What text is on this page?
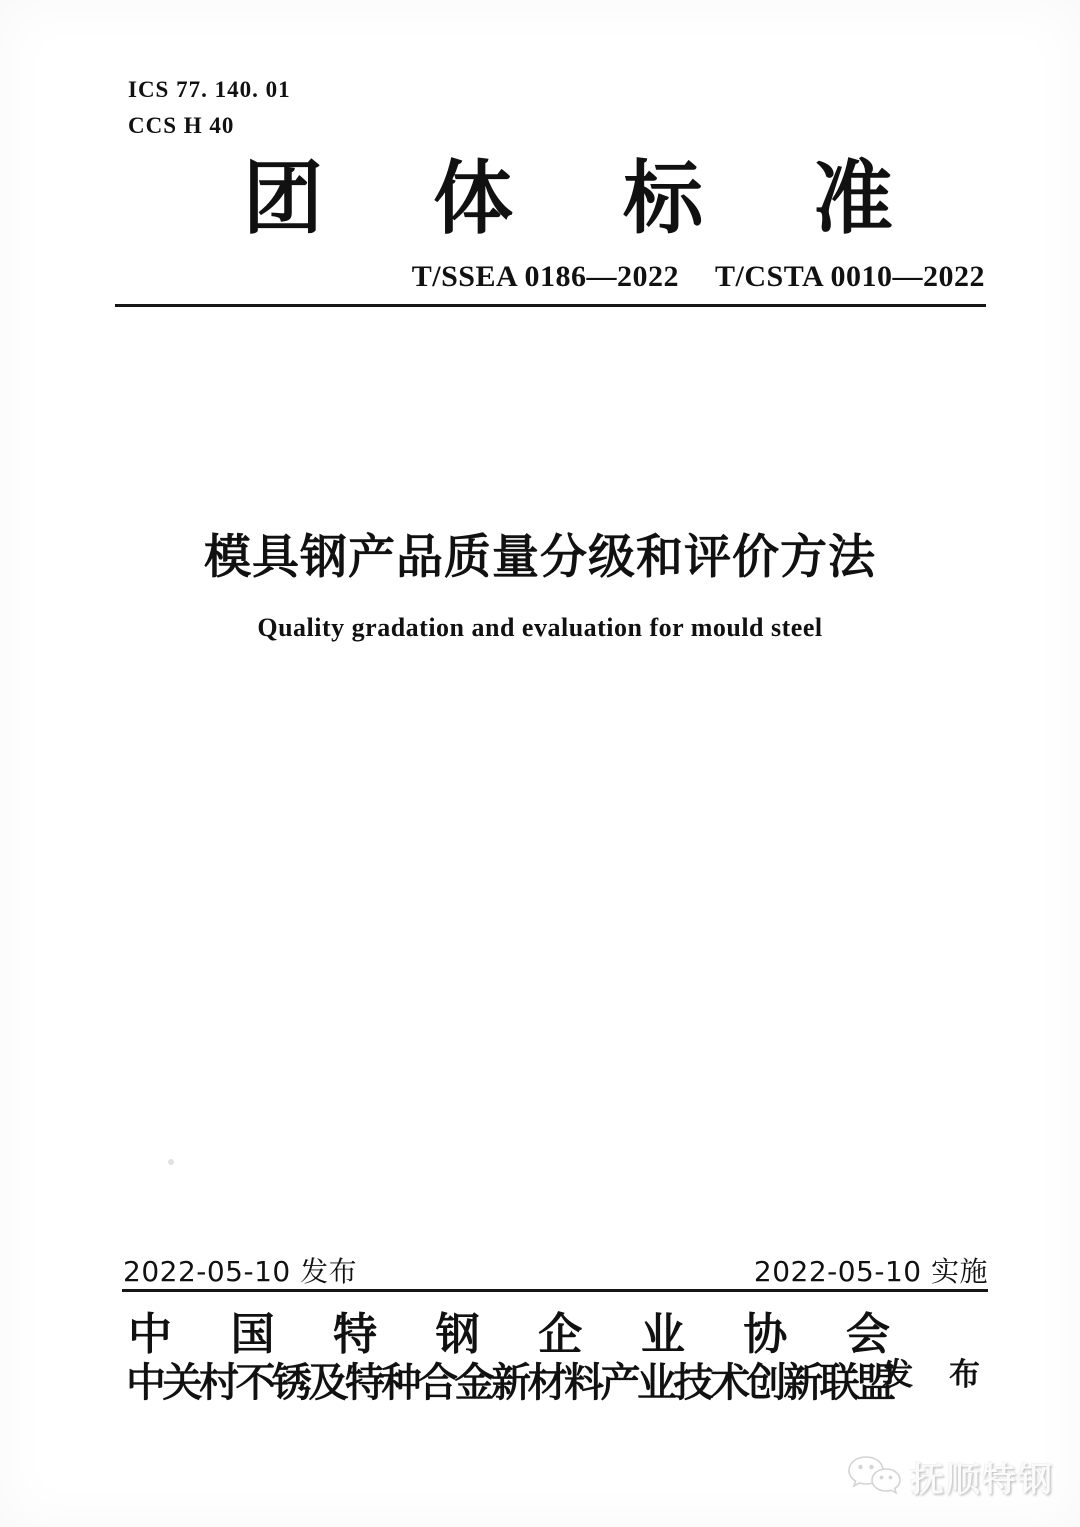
ICS 77. 140. 01
CCS H 40
团 体 标 准
T/SSEA 0186—2022 T/CSTA 0010—2022
模具钢产品质量分级和评价方法
Quality gradation and evaluation for mould steel
2022-05-10 发布	2022-05-10 实施
中 国 特 钢 企 业 协 会
中关村不锈及特种合金新材料产业技术创新联盟
发 布
抚顺特钢
